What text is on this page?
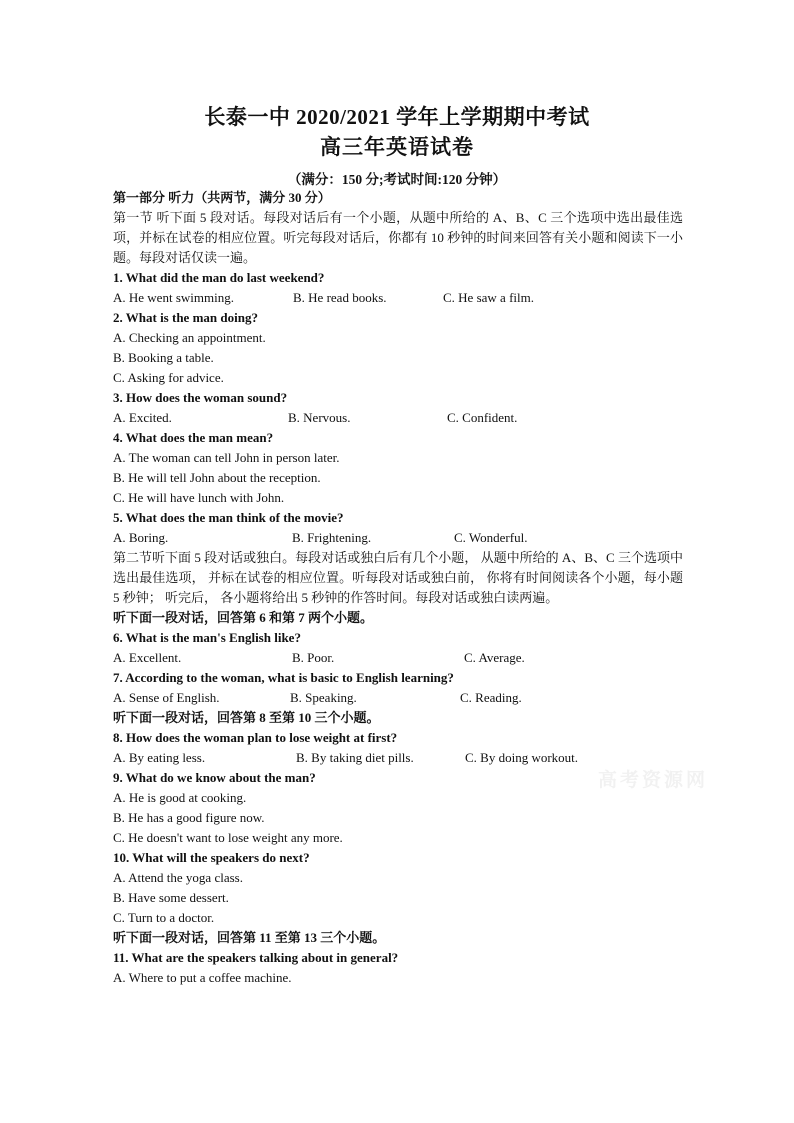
长泰一中 2020/2021 学年上学期期中考试
高三年英语试卷
（满分：150 分;考试时间:120 分钟）
第一部分 听力（共两节，满分 30 分）
第一节 听下面 5 段对话。每段对话后有一个小题，从题中所给的 A、B、C 三个选项中选出最佳选项，并标在试卷的相应位置。听完每段对话后，你都有 10 秒钟的时间来回答有关小题和阅读下一小题。每段对话仅读一遍。
1. What did the man do last weekend?
A. He went swimming.	B. He read books.	C. He saw a film.
2. What is the man doing?
A. Checking an appointment.
B. Booking a table.
C. Asking for advice.
3. How does the woman sound?
A. Excited.	B. Nervous.	C. Confident.
4. What does the man mean?
A. The woman can tell John in person later.
B. He will tell John about the reception.
C. He will have lunch with John.
5. What does the man think of the movie?
A. Boring.	B. Frightening.	C. Wonderful.
第二节听下面 5 段对话或独白。每段对话或独白后有几个小题， 从题中所给的 A、B、C 三个选项中选出最佳选项， 并标在试卷的相应位置。听每段对话或独白前， 你将有时间阅读各个小题，每小题 5 秒钟； 听完后， 各小题将给出 5 秒钟的作答时间。每段对话或独白读两遍。
听下面一段对话，回答第 6 和第 7 两个小题。
6. What is the man's English like?
A. Excellent.	B. Poor.	C. Average.
7. According to the woman, what is basic to English learning?
A. Sense of English.	B. Speaking.	C. Reading.
听下面一段对话，回答第 8 至第 10 三个小题。
8. How does the woman plan to lose weight at first?
A. By eating less.	B. By taking diet pills.	C. By doing workout.
9. What do we know about the man?
A. He is good at cooking.
B. He has a good figure now.
C. He doesn't want to lose weight any more.
10. What will the speakers do next?
A. Attend the yoga class.
B. Have some dessert.
C. Turn to a doctor.
听下面一段对话，回答第 11 至第 13 三个小题。
11. What are the speakers talking about in general?
A. Where to put a coffee machine.
高考资源网
